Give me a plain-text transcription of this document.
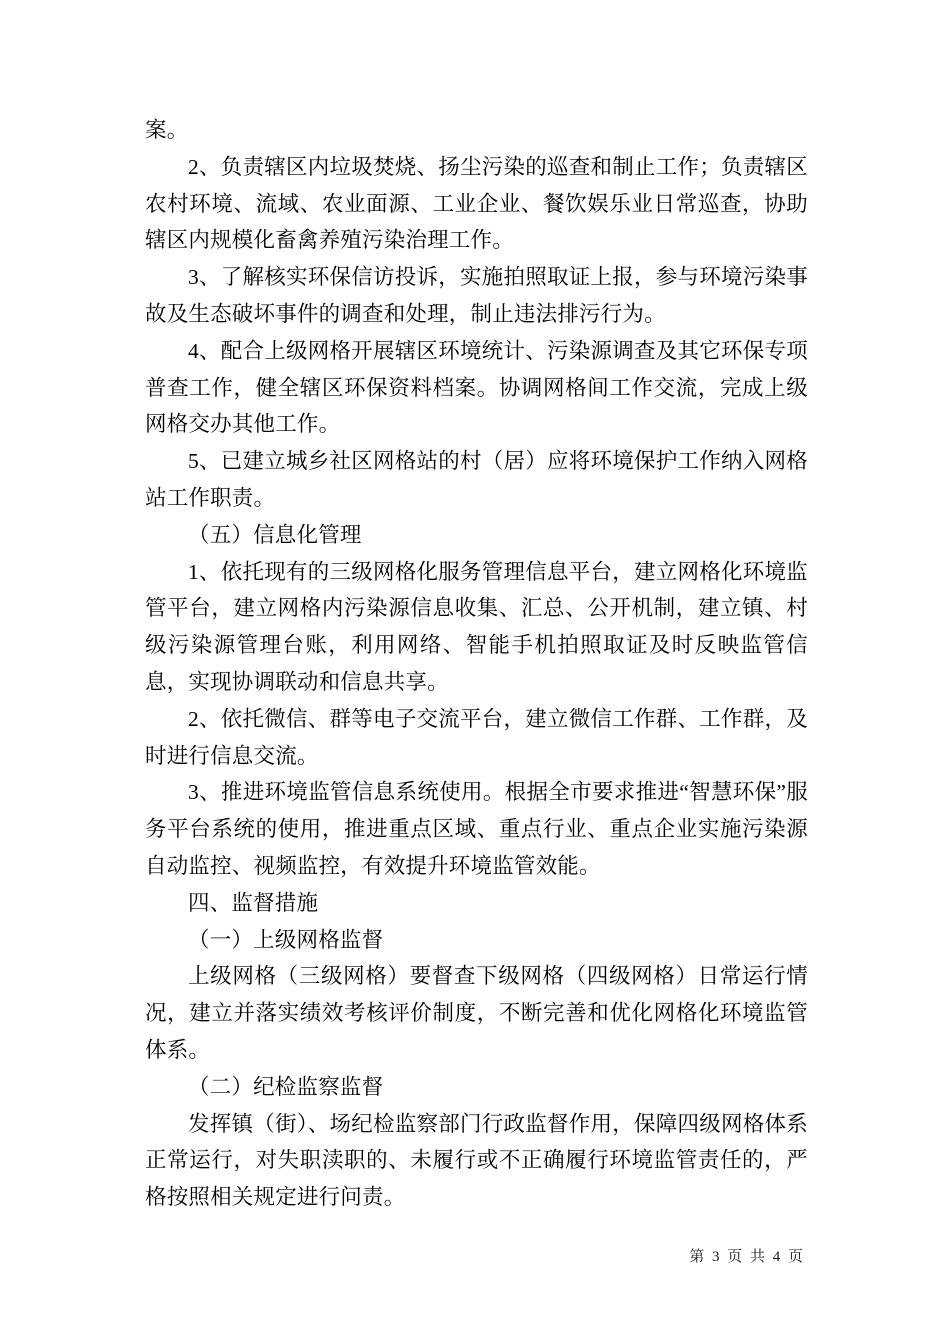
案。

2、负责辖区内垃圾焚烧、扬尘污染的巡查和制止工作；负责辖区农村环境、流域、农业面源、工业企业、餐饮娱乐业日常巡查，协助辖区内规模化畜禽养殖污染治理工作。

3、了解核实环保信访投诉，实施拍照取证上报，参与环境污染事故及生态破坏事件的调查和处理，制止违法排污行为。

4、配合上级网格开展辖区环境统计、污染源调查及其它环保专项普查工作，健全辖区环保资料档案。协调网格间工作交流，完成上级网格交办其他工作。

5、已建立城乡社区网格站的村（居）应将环境保护工作纳入网格站工作职责。

（五）信息化管理

1、依托现有的三级网格化服务管理信息平台，建立网格化环境监管平台，建立网格内污染源信息收集、汇总、公开机制，建立镇、村级污染源管理台账，利用网络、智能手机拍照取证及时反映监管信息，实现协调联动和信息共享。

2、依托微信、群等电子交流平台，建立微信工作群、工作群，及时进行信息交流。

3、推进环境监管信息系统使用。根据全市要求推进“智慧环保”服务平台系统的使用，推进重点区域、重点行业、重点企业实施污染源自动监控、视频监控，有效提升环境监管效能。

四、监督措施

（一）上级网格监督

上级网格（三级网格）要督查下级网格（四级网格）日常运行情况，建立并落实绩效考核评价制度，不断完善和优化网格化环境监管体系。

（二）纪检监察监督

发挥镇（街）、场纪检监察部门行政监督作用，保障四级网格体系正常运行，对失职渎职的、未履行或不正确履行环境监管责任的，严格按照相关规定进行问责。

第 3 页 共 4 页
